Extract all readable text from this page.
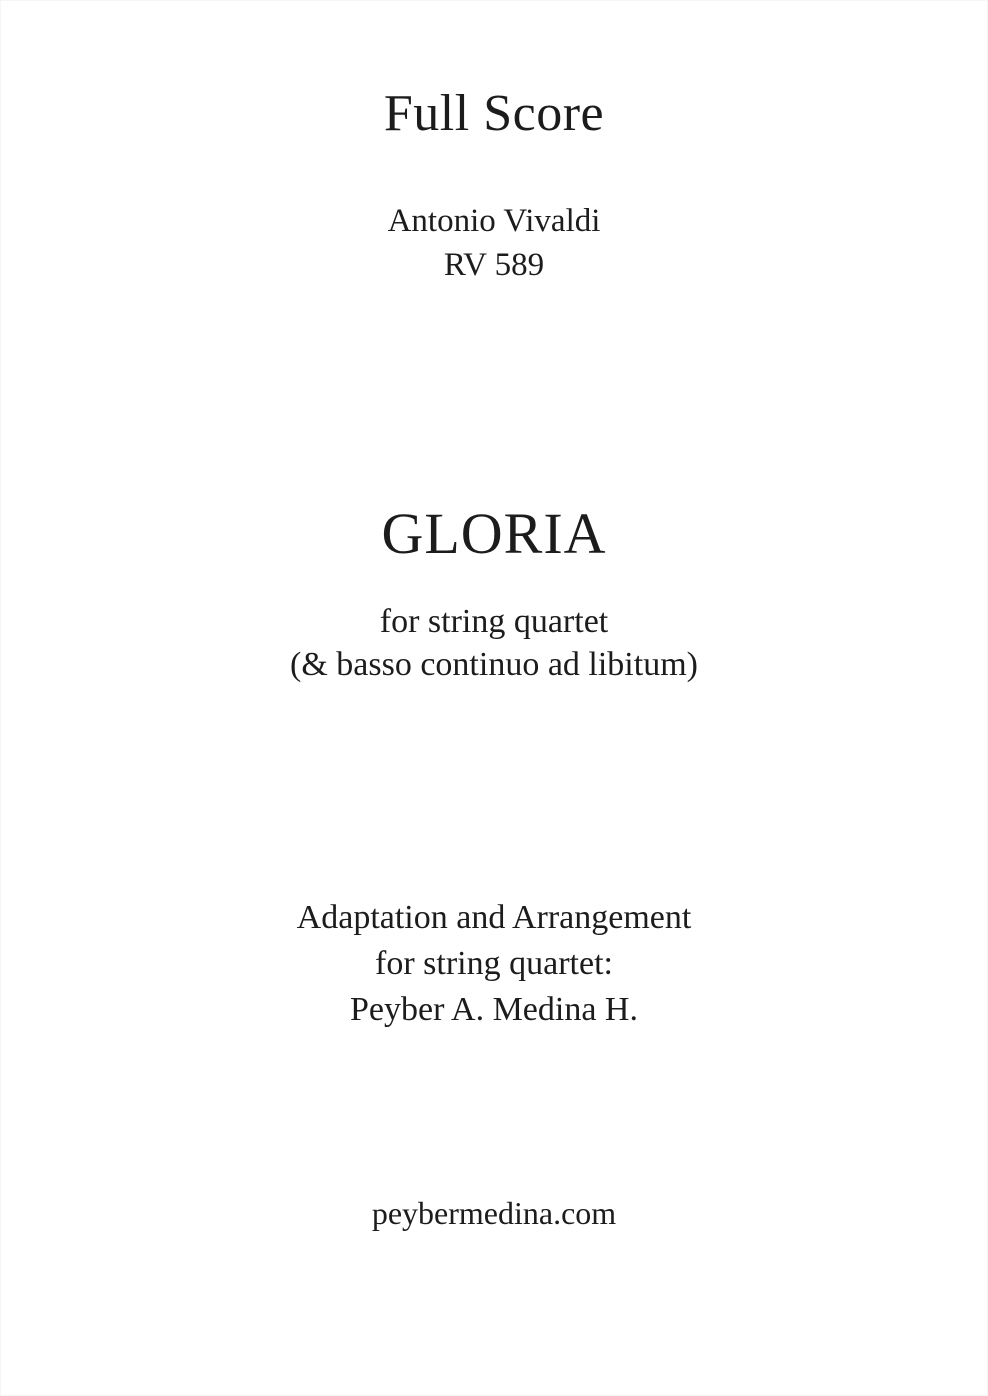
Full Score
Antonio Vivaldi
RV 589
GLORIA
for string quartet
(& basso continuo ad libitum)
Adaptation and Arrangement
for string quartet:
Peyber A. Medina H.
peybermedina.com
